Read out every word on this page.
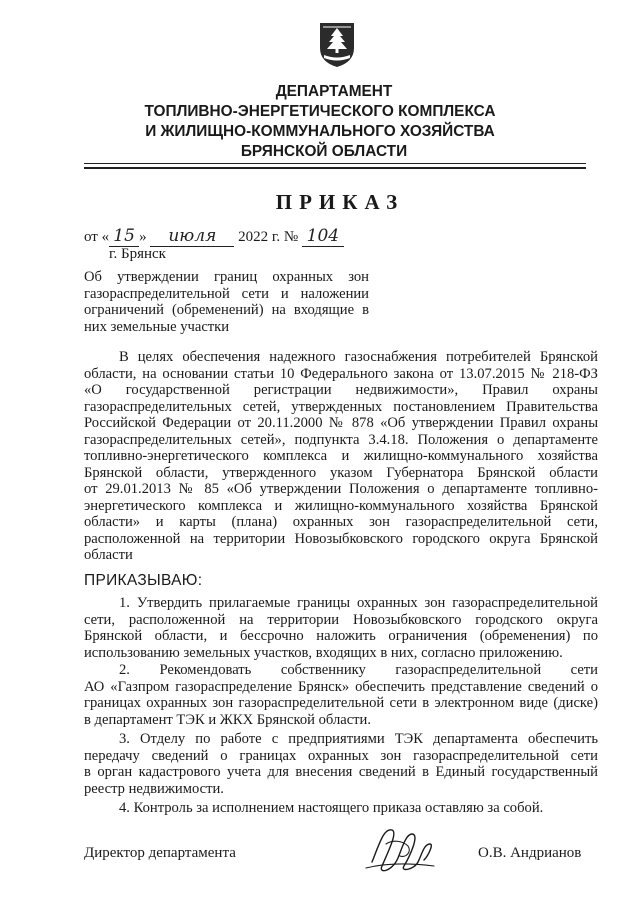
ДЕПАРТАМЕНТ
ТОПЛИВНО-ЭНЕРГЕТИЧЕСКОГО КОМПЛЕКСА
И ЖИЛИЩНО-КОММУНАЛЬНОГО ХОЗЯЙСТВА
БРЯНСКОЙ ОБЛАСТИ
ПРИКАЗ
от « 15 » июля 2022 г. № 104
г. Брянск
Об утверждении границ охранных зон
газораспределительной сети и наложении
ограничений (обременений) на входящие в
них земельные участки
В целях обеспечения надежного газоснабжения потребителей Брянской
области, на основании статьи 10 Федерального закона от 13.07.2015 № 218-ФЗ
«О государственной регистрации недвижимости», Правил охраны
газораспределительных сетей, утвержденных постановлением Правительства
Российской Федерации от 20.11.2000 № 878 «Об утверждении Правил охраны
газораспределительных сетей», подпункта 3.4.18. Положения о департаменте
топливно-энергетического комплекса и жилищно-коммунального хозяйства
Брянской области, утвержденного указом Губернатора Брянской области
от 29.01.2013 № 85 «Об утверждении Положения о департаменте топливно-
энергетического комплекса и жилищно-коммунального хозяйства Брянской
области» и карты (плана) охранных зон газораспределительной сети,
расположенной на территории Новозыбковского городского округа Брянской
области
ПРИКАЗЫВАЮ:
1. Утвердить прилагаемые границы охранных зон газораспределительной
сети, расположенной на территории Новозыбковского городского округа
Брянской области, и бессрочно наложить ограничения (обременения) по
использованию земельных участков, входящих в них, согласно приложению.
2. Рекомендовать собственнику газораспределительной сети
АО «Газпром газораспределение Брянск» обеспечить представление сведений о
границах охранных зон газораспределительной сети в электронном виде (диске)
в департамент ТЭК и ЖКХ Брянской области.
3. Отделу по работе с предприятиями ТЭК департамента обеспечить
передачу сведений о границах охранных зон газораспределительной сети
в орган кадастрового учета для внесения сведений в Единый государственный
реестр недвижимости.
4. Контроль за исполнением настоящего приказа оставляю за собой.
Директор департамента	О.В. Андрианов
